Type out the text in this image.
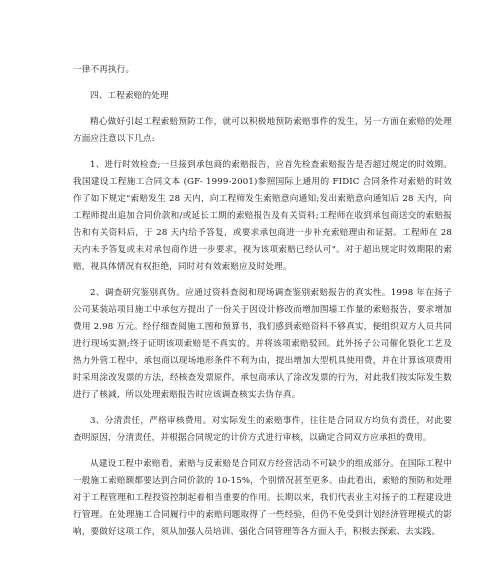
一律不再执行。

四、工程索赔的处理

精心做好引起工程索赔预防工作，就可以积极地预防索赔事件的发生，另一方面在索赔的处理方面应注意以下几点:

1、进行时效检查;一旦接到承包商的索赔报告，应首先检查索赔报告是否超过规定的时效期。我国建设工程施工合同文本 (GF- 1999-2001)参照国际上通用的 FIDIC 合同条件对索赔的时效作了如下规定"索赔发生 28 天内，向工程师发生索赔意向通知;发出索赔意向通知后 28 天内，向工程师提出追加合同价款和/或延长工期的索赔报告及有关资料;工程师在收到承包商送交的索赔报告和有关资料后，于 28 天内给予答复，或要求承包商进一步补充索赔理由和证据。工程师在 28 天内未予答复或未对承包商作进一步要求，视为该项索赔已经认可"。对于超出规定时效期限的索赔，视具体情况有权拒绝，同时对有效索赔应及时处理。

2、调查研究鉴别真伪。应通过资料查阅和现场调查鉴别索赔报告的真实性。1998 年在扬子公司某装站项目施工中承包方提出了一份关于因设计修改而增加围墙工作量的索赔报告，要求增加费用 2.98 万元。经仔细查阅施工图和预算书，我们感到索赔资料不够真实，便组织双方人员共同进行现场实测;终于证明该项索赔是不真实的。并将该项索赔驳回。此外扬子公司催化裂化工艺及热力外管工程中，承包商以现场地形条件不利为由，提出增加大型机具使用费，并在计算该项费用时采用涂改发票的方法，经核查发票原件，承包商承认了涂改发票的行为，对此我们按实际发生数进行了核减，所以处理索赔报告时应该调查核实去伪存真。

3、分清责任，严格审核费用。对实际发生的索赔事件，往往是合同双方均负有责任，对此要查明原因，分清责任，并根据合同规定的计价方式进行审核，以确定合同双方应承担的费用。

从建设工程中索赔看，索赔与反索赔是合同双方经营活动不可缺少的组成部分。在国际工程中一般施工索赔额都要达到合同价款的 10-15%，个别情况甚至更多。由此看出，索赔的预防和处理对于工程管理和工程投资控制起着相当重要的作用。长期以来，我们代表业主对扬子的工程建设进行管理。在处理施工合同履行中的索赔问题取得了一些经验，但仍不免受到计划经济管理模式的影响，要做好这项工作，须从加强人员培训、强化合同管理等各方面入手，积极去探索、去实践。
